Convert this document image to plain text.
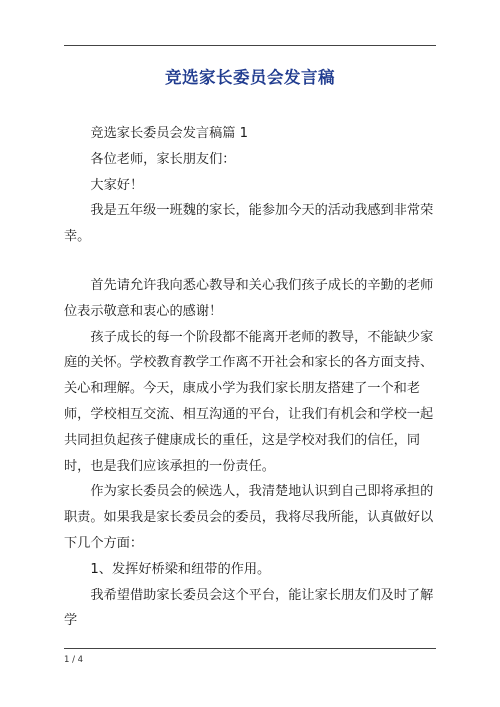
竞选家长委员会发言稿

竞选家长委员会发言稿篇 1

各位老师，家长朋友们：

大家好！

我是五年级一班魏的家长，能参加今天的活动我感到非常荣幸。

首先请允许我向悉心教导和关心我们孩子成长的辛勤的老师位表示敬意和衷心的感谢！

孩子成长的每一个阶段都不能离开老师的教导，不能缺少家庭的关怀。学校教育教学工作离不开社会和家长的各方面支持、关心和理解。今天，康成小学为我们家长朋友搭建了一个和老师，学校相互交流、相互沟通的平台，让我们有机会和学校一起共同担负起孩子健康成长的重任，这是学校对我们的信任，同时，也是我们应该承担的一份责任。

作为家长委员会的候选人，我清楚地认识到自己即将承担的职责。如果我是家长委员会的委员，我将尽我所能，认真做好以下几个方面：

1、发挥好桥梁和纽带的作用。

我希望借助家长委员会这个平台，能让家长朋友们及时了解学

1 / 4
